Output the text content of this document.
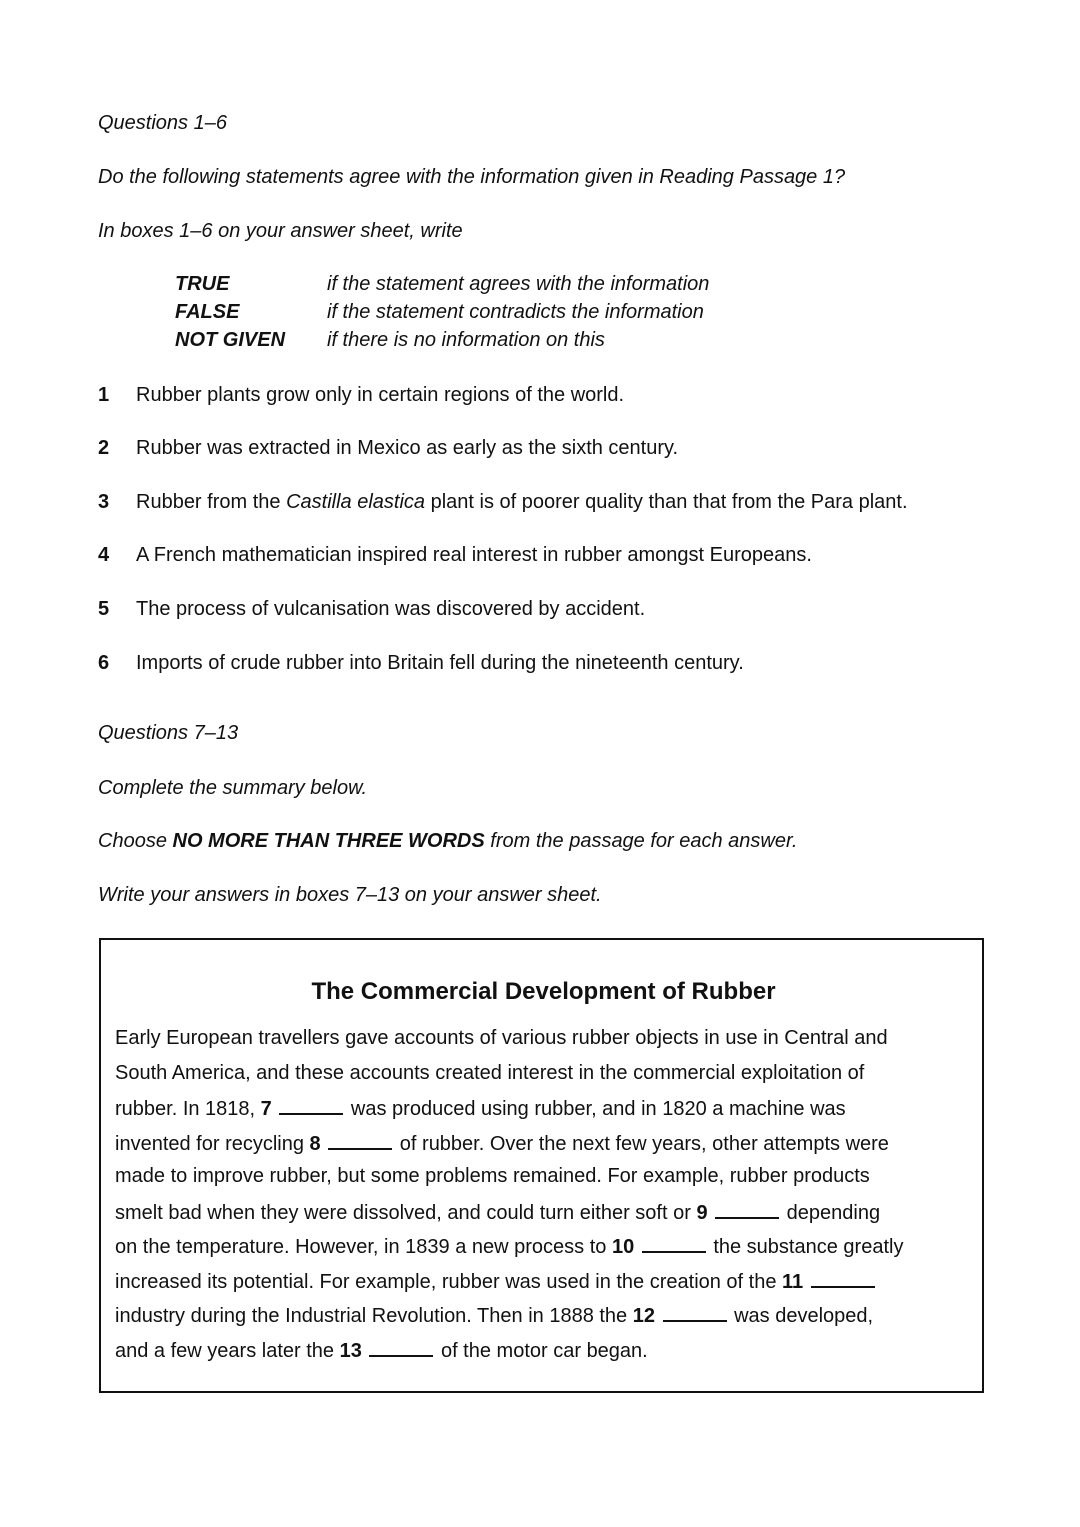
Questions 1–6
Do the following statements agree with the information given in Reading Passage 1?
In boxes 1–6 on your answer sheet, write
TRUE	if the statement agrees with the information
FALSE	if the statement contradicts the information
NOT GIVEN if there is no information on this
1	Rubber plants grow only in certain regions of the world.
2	Rubber was extracted in Mexico as early as the sixth century.
3	Rubber from the Castilla elastica plant is of poorer quality than that from the Para plant.
4	A French mathematician inspired real interest in rubber amongst Europeans.
5	The process of vulcanisation was discovered by accident.
6	Imports of crude rubber into Britain fell during the nineteenth century.
Questions 7–13
Complete the summary below.
Choose NO MORE THAN THREE WORDS from the passage for each answer.
Write your answers in boxes 7–13 on your answer sheet.
The Commercial Development of Rubber
Early European travellers gave accounts of various rubber objects in use in Central and
South America, and these accounts created interest in the commercial exploitation of
rubber. In 1818, 7	was produced using rubber, and in 1820 a machine was
invented for recycling 8	of rubber. Over the next few years, other attempts were
made to improve rubber, but some problems remained. For example, rubber products
smelt bad when they were dissolved, and could turn either soft or 9	depending
on the temperature. However, in 1839 a new process to 10	the substance greatly
increased its potential. For example, rubber was used in the creation of the 11
industry during the Industrial Revolution. Then in 1888 the 12	was developed,
and a few years later the 13	of the motor car began.
